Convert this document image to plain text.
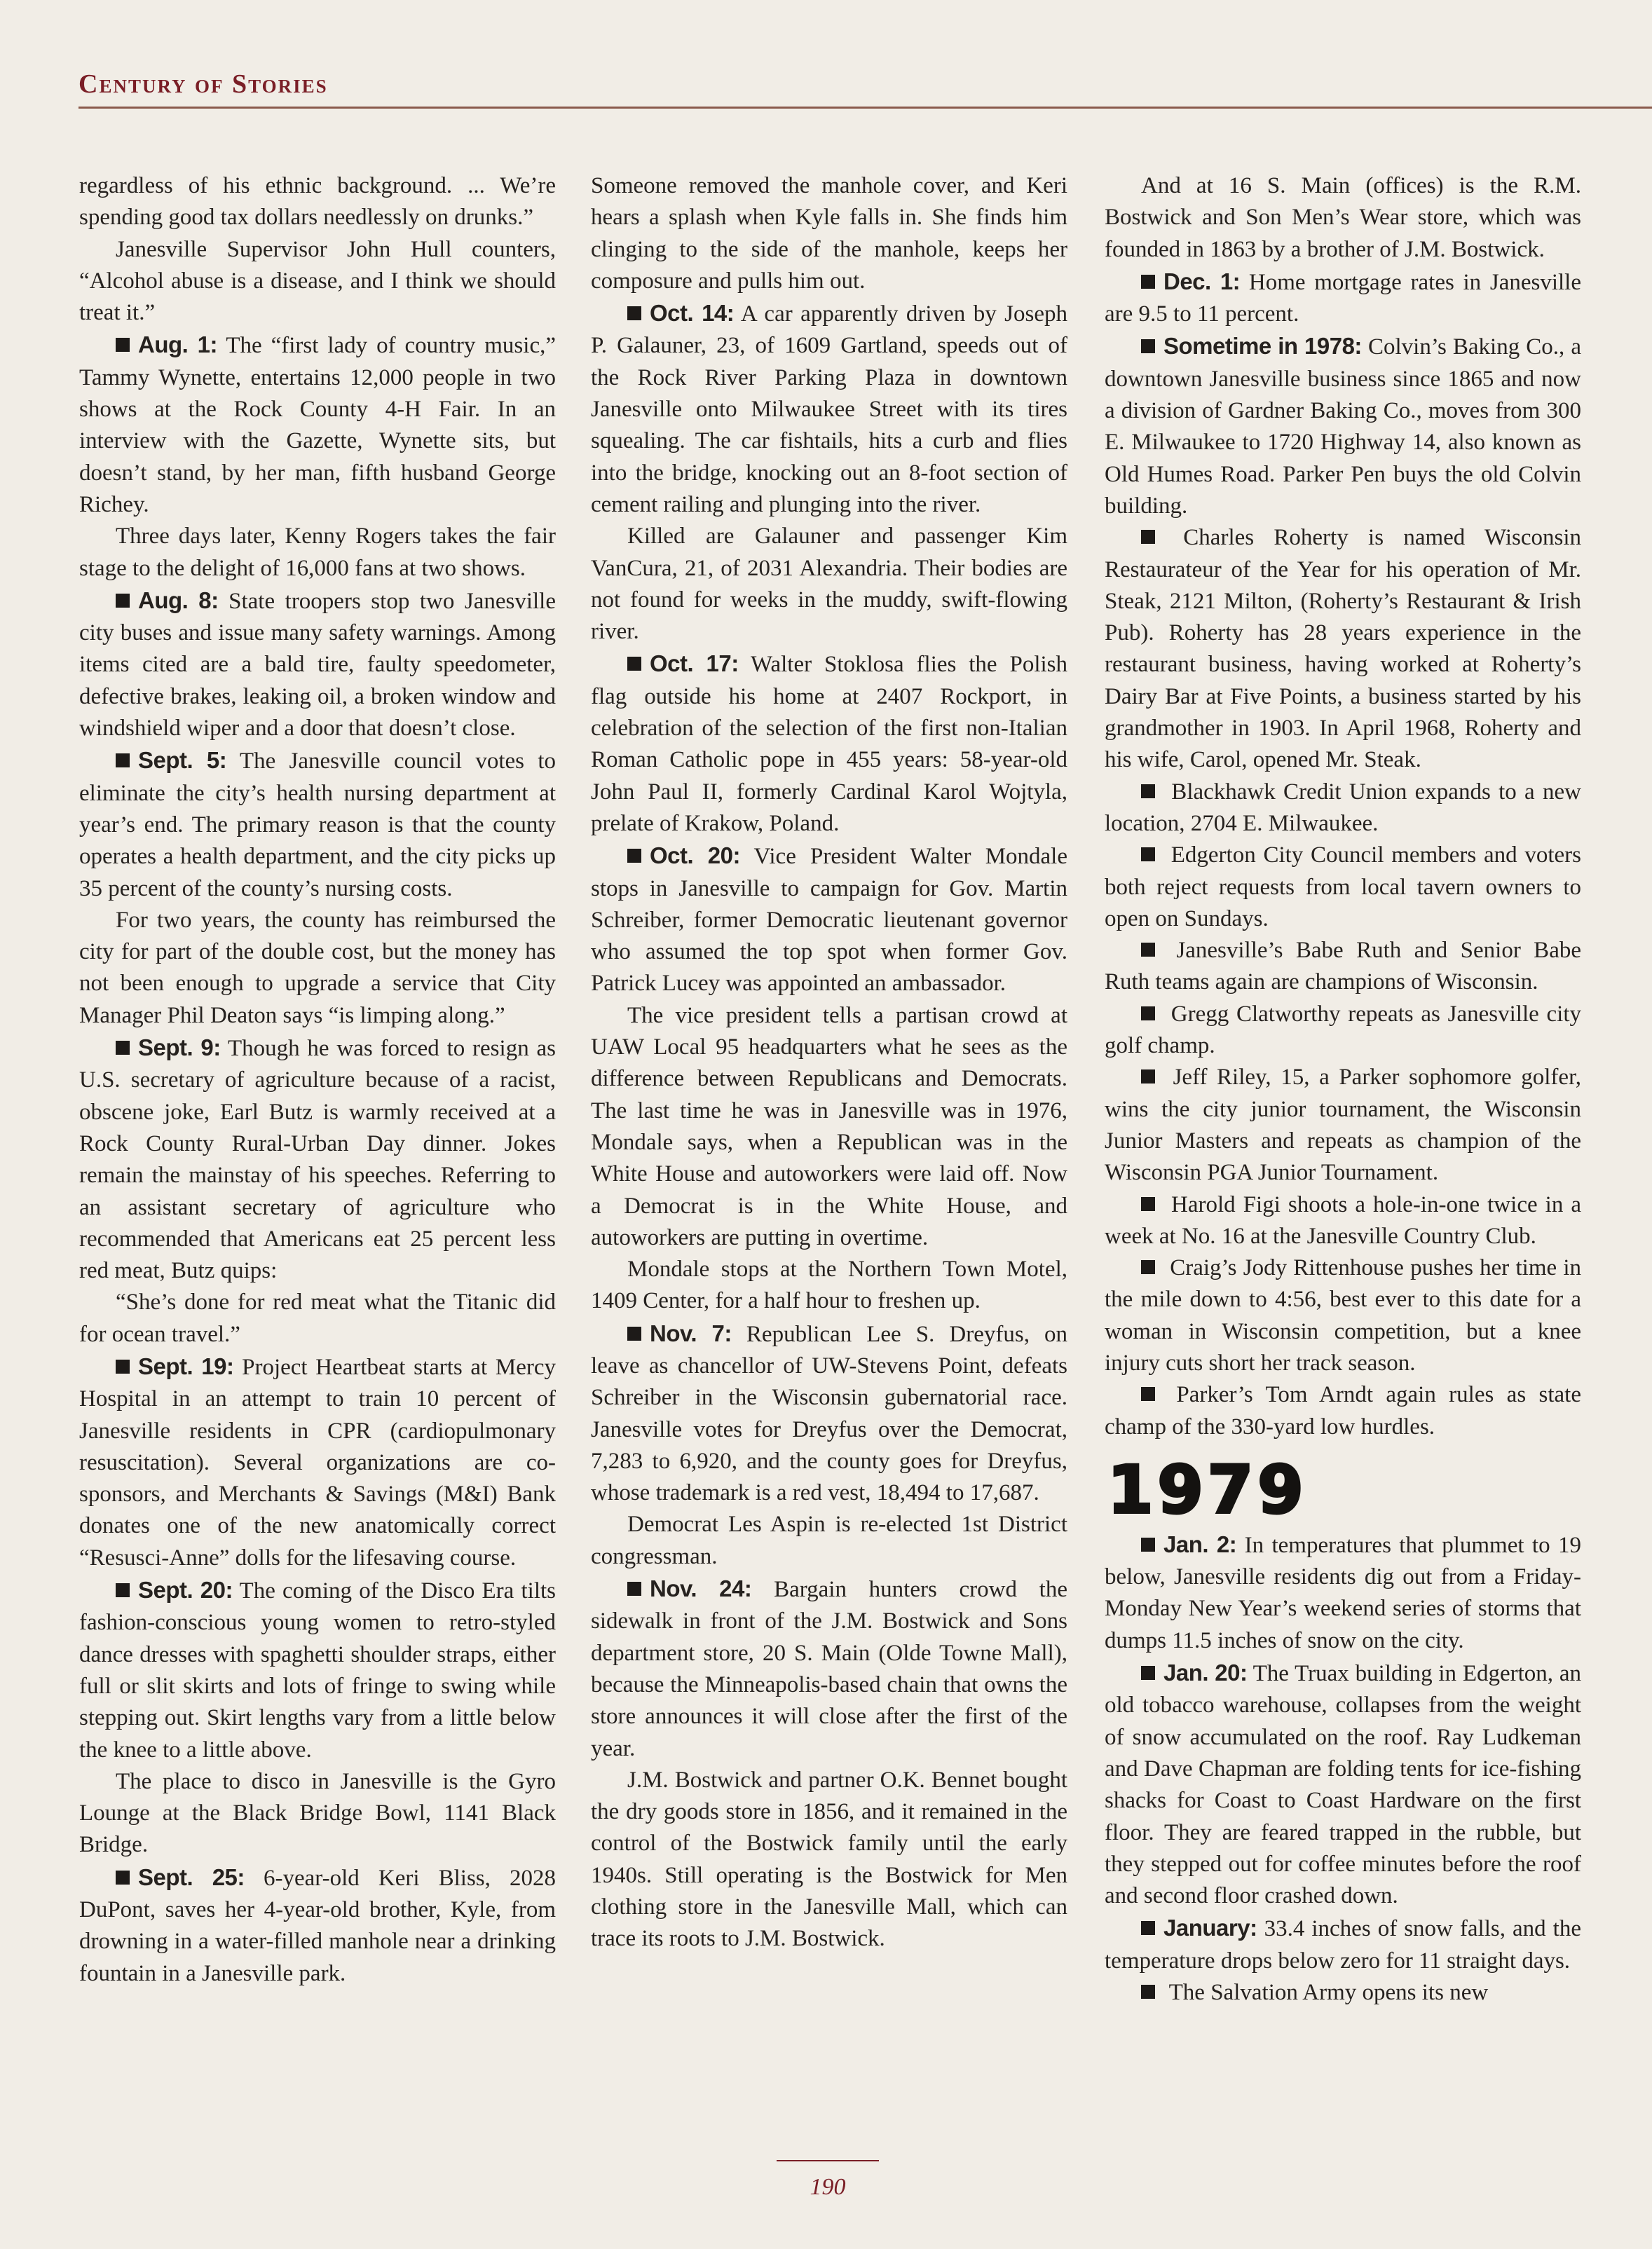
Century of Stories

regardless of his ethnic background. ... We’re spending good tax dollars needlessly on drunks.”

Janesville Supervisor John Hull counters, “Alcohol abuse is a disease, and I think we should treat it.”

Aug. 1: The “first lady of country music,” Tammy Wynette, entertains 12,000 people in two shows at the Rock County 4-H Fair. In an interview with the Gazette, Wynette sits, but doesn’t stand, by her man, fifth husband George Richey.

Three days later, Kenny Rogers takes the fair stage to the delight of 16,000 fans at two shows.

Aug. 8: State troopers stop two Janesville city buses and issue many safety warnings. Among items cited are a bald tire, faulty speedometer, defective brakes, leaking oil, a broken window and windshield wiper and a door that doesn’t close.

Sept. 5: The Janesville council votes to eliminate the city’s health nursing department at year’s end. The primary reason is that the county operates a health department, and the city picks up 35 percent of the county’s nursing costs.

For two years, the county has reimbursed the city for part of the double cost, but the money has not been enough to upgrade a service that City Manager Phil Deaton says “is limping along.”

Sept. 9: Though he was forced to resign as U.S. secretary of agriculture because of a racist, obscene joke, Earl Butz is warmly received at a Rock County Rural-Urban Day dinner. Jokes remain the mainstay of his speeches. Referring to an assistant secretary of agriculture who recommended that Americans eat 25 percent less red meat, Butz quips:

“She’s done for red meat what the Titanic did for ocean travel.”

Sept. 19: Project Heartbeat starts at Mercy Hospital in an attempt to train 10 percent of Janesville residents in CPR (cardiopulmonary resuscitation). Several organizations are co-sponsors, and Merchants & Savings (M&I) Bank donates one of the new anatomically correct “Resusci-Anne” dolls for the lifesaving course.

Sept. 20: The coming of the Disco Era tilts fashion-conscious young women to retro-styled dance dresses with spaghetti shoulder straps, either full or slit skirts and lots of fringe to swing while stepping out. Skirt lengths vary from a little below the knee to a little above.

The place to disco in Janesville is the Gyro Lounge at the Black Bridge Bowl, 1141 Black Bridge.

Sept. 25: 6-year-old Keri Bliss, 2028 DuPont, saves her 4-year-old brother, Kyle, from drowning in a water-filled manhole near a drinking fountain in a Janesville park.

Someone removed the manhole cover, and Keri hears a splash when Kyle falls in. She finds him clinging to the side of the manhole, keeps her composure and pulls him out.

Oct. 14: A car apparently driven by Joseph P. Galauner, 23, of 1609 Gartland, speeds out of the Rock River Parking Plaza in downtown Janesville onto Milwaukee Street with its tires squealing. The car fishtails, hits a curb and flies into the bridge, knocking out an 8-foot section of cement railing and plunging into the river.

Killed are Galauner and passenger Kim VanCura, 21, of 2031 Alexandria. Their bodies are not found for weeks in the muddy, swift-flowing river.

Oct. 17: Walter Stoklosa flies the Polish flag outside his home at 2407 Rockport, in celebration of the selection of the first non-Italian Roman Catholic pope in 455 years: 58-year-old John Paul II, formerly Cardinal Karol Wojtyla, prelate of Krakow, Poland.

Oct. 20: Vice President Walter Mondale stops in Janesville to campaign for Gov. Martin Schreiber, former Democratic lieutenant governor who assumed the top spot when former Gov. Patrick Lucey was appointed an ambassador.

The vice president tells a partisan crowd at UAW Local 95 headquarters what he sees as the difference between Republicans and Democrats. The last time he was in Janesville was in 1976, Mondale says, when a Republican was in the White House and autoworkers were laid off. Now a Democrat is in the White House, and autoworkers are putting in overtime.

Mondale stops at the Northern Town Motel, 1409 Center, for a half hour to freshen up.

Nov. 7: Republican Lee S. Dreyfus, on leave as chancellor of UW-Stevens Point, defeats Schreiber in the Wisconsin gubernatorial race. Janesville votes for Dreyfus over the Democrat, 7,283 to 6,920, and the county goes for Dreyfus, whose trademark is a red vest, 18,494 to 17,687.

Democrat Les Aspin is re-elected 1st District congressman.

Nov. 24: Bargain hunters crowd the sidewalk in front of the J.M. Bostwick and Sons department store, 20 S. Main (Olde Towne Mall), because the Minneapolis-based chain that owns the store announces it will close after the first of the year.

J.M. Bostwick and partner O.K. Bennet bought the dry goods store in 1856, and it remained in the control of the Bostwick family until the early 1940s. Still operating is the Bostwick for Men clothing store in the Janesville Mall, which can trace its roots to J.M. Bostwick.

And at 16 S. Main (offices) is the R.M. Bostwick and Son Men’s Wear store, which was founded in 1863 by a brother of J.M. Bostwick.

Dec. 1: Home mortgage rates in Janesville are 9.5 to 11 percent.

Sometime in 1978: Colvin’s Baking Co., a downtown Janesville business since 1865 and now a division of Gardner Baking Co., moves from 300 E. Milwaukee to 1720 Highway 14, also known as Old Humes Road. Parker Pen buys the old Colvin building.

Charles Roherty is named Wisconsin Restaurateur of the Year for his operation of Mr. Steak, 2121 Milton, (Roherty’s Restaurant & Irish Pub). Roherty has 28 years experience in the restaurant business, having worked at Roherty’s Dairy Bar at Five Points, a business started by his grandmother in 1903. In April 1968, Roherty and his wife, Carol, opened Mr. Steak.

Blackhawk Credit Union expands to a new location, 2704 E. Milwaukee.

Edgerton City Council members and voters both reject requests from local tavern owners to open on Sundays.

Janesville’s Babe Ruth and Senior Babe Ruth teams again are champions of Wisconsin.

Gregg Clatworthy repeats as Janesville city golf champ.

Jeff Riley, 15, a Parker sophomore golfer, wins the city junior tournament, the Wisconsin Junior Masters and repeats as champion of the Wisconsin PGA Junior Tournament.

Harold Figi shoots a hole-in-one twice in a week at No. 16 at the Janesville Country Club.

Craig’s Jody Rittenhouse pushes her time in the mile down to 4:56, best ever to this date for a woman in Wisconsin competition, but a knee injury cuts short her track season.

Parker’s Tom Arndt again rules as state champ of the 330-yard low hurdles.

1979

Jan. 2: In temperatures that plummet to 19 below, Janesville residents dig out from a Friday-Monday New Year’s weekend series of storms that dumps 11.5 inches of snow on the city.

Jan. 20: The Truax building in Edgerton, an old tobacco warehouse, collapses from the weight of snow accumulated on the roof. Ray Ludkeman and Dave Chapman are folding tents for ice-fishing shacks for Coast to Coast Hardware on the first floor. They are feared trapped in the rubble, but they stepped out for coffee minutes before the roof and second floor crashed down.

January: 33.4 inches of snow falls, and the temperature drops below zero for 11 straight days.

The Salvation Army opens its new

190
